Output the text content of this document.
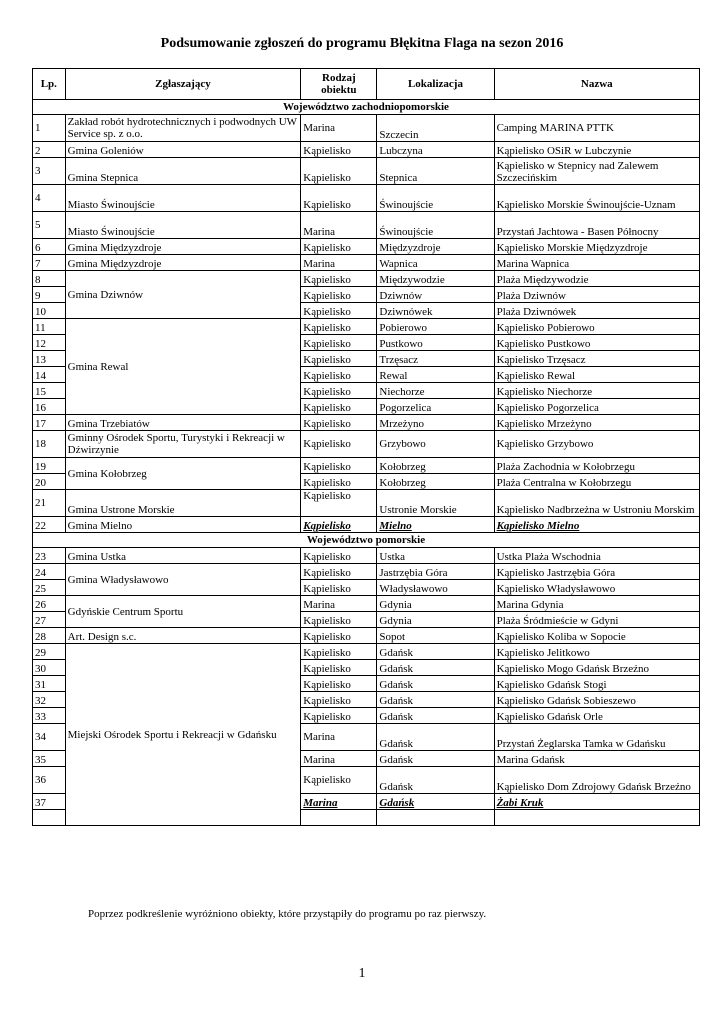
Podsumowanie zgłoszeń do programu Błękitna Flaga na sezon 2016
Lp.	Zgłaszający	Rodzaj obiektu	Lokalizacja	Nazwa
Województwo zachodniopomorskie				
1	Zakład robót hydrotechnicznych i podwodnych UW Service sp. z o.o.	Marina	Szczecin	Camping MARINA PTTK
2	Gmina Goleniów	Kąpielisko	Lubczyna	Kąpielisko OSiR w Lubczynie
3	Gmina Stepnica	Kąpielisko	Stepnica	Kąpielisko w Stepnicy nad Zalewem Szczecińskim
4	Miasto Świnoujście	Kąpielisko	Świnoujście	Kąpielisko Morskie Świnoujście-Uznam
5	Miasto Świnoujście	Marina	Świnoujście	Przystań Jachtowa - Basen Północny
6	Gmina Międzyzdroje	Kąpielisko	Międzyzdroje	Kąpielisko Morskie Międzyzdroje
7	Gmina Międzyzdroje	Marina	Wapnica	Marina Wapnica
8	Gmina Dziwnów	Kąpielisko	Międzywodzie	Plaża Międzywodzie
9		Kąpielisko	Dziwnów	Plaża Dziwnów
10		Kąpielisko	Dziwnówek	Plaża Dziwnówek
11	Gmina Rewal	Kąpielisko	Pobierowo	Kąpielisko Pobierowo
12		Kąpielisko	Pustkowo	Kąpielisko Pustkowo
13		Kąpielisko	Trzęsacz	Kąpielisko Trzęsacz
14		Kąpielisko	Rewal	Kąpielisko Rewal
15		Kąpielisko	Niechorze	Kąpielisko Niechorze
16		Kąpielisko	Pogorzelica	Kąpielisko Pogorzelica
17	Gmina Trzebiatów	Kąpielisko	Mrzeżyno	Kąpielisko Mrzeżyno
18	Gminny Ośrodek Sportu, Turystyki i Rekreacji w Dźwirzynie	Kąpielisko	Grzybowo	Kąpielisko Grzybowo
19	Gmina Kołobrzeg	Kąpielisko	Kołobrzeg	Plaża Zachodnia w Kołobrzegu
20		Kąpielisko	Kołobrzeg	Plaża Centralna w Kołobrzegu
21	Gmina Ustrone Morskie	Kąpielisko	Ustronie Morskie	Kąpielisko Nadbrzeżna w Ustroniu Morskim
22	Gmina Mielno	Kąpielisko	Mielno	Kąpielisko Mielno
Województwo pomorskie				
23	Gmina Ustka	Kąpielisko	Ustka	Ustka Plaża Wschodnia
24	Gmina Władysławowo	Kąpielisko	Jastrzębia Góra	Kąpielisko Jastrzębia Góra
25		Kąpielisko	Władysławowo	Kąpielisko Władysławowo
26	Gdyńskie Centrum Sportu	Marina	Gdynia	Marina Gdynia
27		Kąpielisko	Gdynia	Plaża Śródmieście w Gdyni
28	Art. Design s.c.	Kąpielisko	Sopot	Kąpielisko Koliba w Sopocie
29	Miejski Ośrodek Sportu i Rekreacji w Gdańsku	Kąpielisko	Gdańsk	Kąpielisko Jelitkowo
30		Kąpielisko	Gdańsk	Kąpielisko Mogo Gdańsk Brzeźno
31		Kąpielisko	Gdańsk	Kąpielisko Gdańsk Stogi
32		Kąpielisko	Gdańsk	Kąpielisko Gdańsk Sobieszewo
33		Kąpielisko	Gdańsk	Kąpielisko Gdańsk Orle
34		Marina	Gdańsk	Przystań Żeglarska Tamka w Gdańsku
35		Marina	Gdańsk	Marina Gdańsk
36		Kąpielisko	Gdańsk	Kąpielisko Dom Zdrojowy Gdańsk Brzeźno
37		Marina	Gdańsk	Żabi Kruk

Poprzez podkreślenie wyróżniono obiekty, które przystąpiły do programu po raz pierwszy.
1
